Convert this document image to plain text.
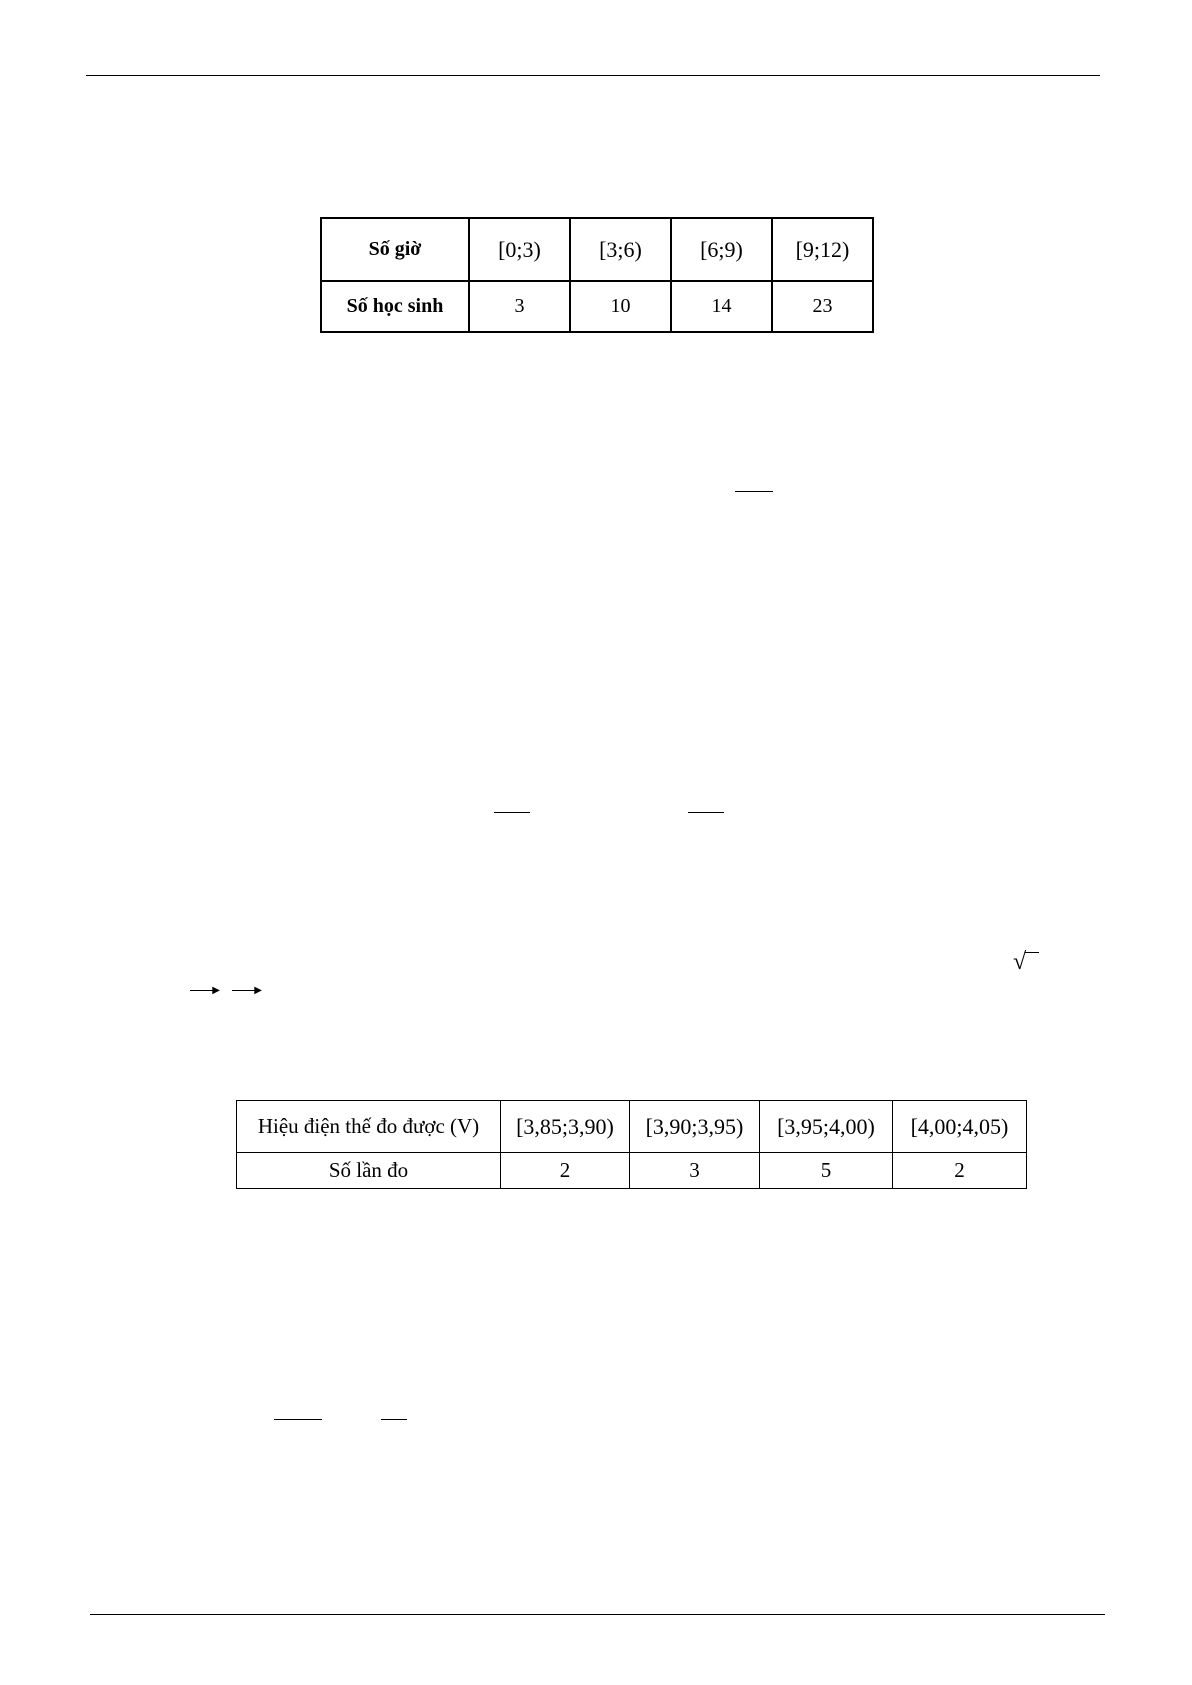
Số giờ	[0;3)	[3;6)	[6;9)	[9;12)
Số học sinh	3	10	14	23
√
▶	▶
Hiệu điện thế đo được (V)	[3,85;3,90)	[3,90;3,95)	[3,95;4,00)	[4,00;4,05)
Số lần đo	2	3	5	2
